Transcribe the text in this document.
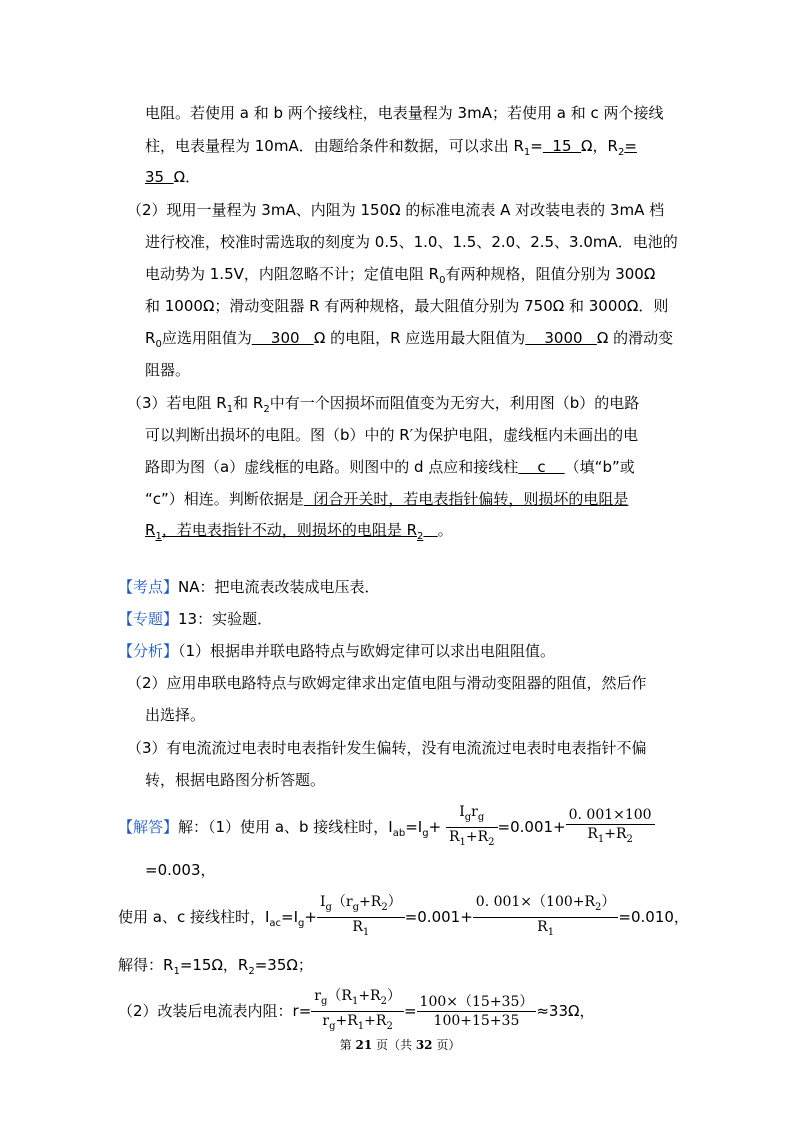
电阻。若使用 a 和 b 两个接线柱，电表量程为 3mA；若使用 a 和 c 两个接线
柱，电表量程为 10mA．由题给条件和数据，可以求出 $R_1= 15$  Ω，$R_2=$
35  Ω．
（2）现用一量程为 3mA、内阻为 150Ω 的标准电流表 A 对改装电表的 3mA 档
进行校准，校准时需选取的刻度为 0.5、1.0、1.5、2.0、2.5、3.0mA．电池的
电动势为 1.5V，内阻忽略不计；定值电阻 $R_0$有两种规格，阻值分别为 300Ω
和 1000Ω；滑动变阻器 R 有两种规格，最大阻值分别为 750Ω 和 3000Ω．则
$R_0$应选用阻值为    300   Ω 的电阻，R 应选用最大阻值为    3000   Ω 的滑动变
阻器。
（3）若电阻 $R_1$和 $R_2$中有一个因损坏而阻值变为无穷大，利用图（b）的电路
可以判断出损坏的电阻。图（b）中的 R′为保护电阻，虚线框内未画出的电
路即为图（a）虚线框的电路。则图中的 d 点应和接线柱    c    （填“b”或
“c”）相连。判断依据是  闭合开关时，若电表指针偏转，则损坏的电阻是
$R_1$，若电表指针不动，则损坏的电阻是 $R_2$ 。
【考点】NA：把电流表改装成电压表．
【专题】13：实验题．
【分析】（1）根据串并联电路特点与欧姆定律可以求出电阻阻值。
（2）应用串联电路特点与欧姆定律求出定值电阻与滑动变阻器的阻值，然后作
出选择。
（3）有电流流过电表时电表指针发生偏转，没有电流流过电表时电表指针不偏
转，根据电路图分析答题。
【解答】解：（1）使用 a、b 接线柱时，$I_{ab}=I_g+ \frac{I_gr_g}{R_1+R_2} =0.001+ \frac{0. 001\times 100}{R_1+R_2}$
=0.003，
使用 a、c 接线柱时，$I_{ac}=I_g+ \frac{I_g(r_g+R_2)}{R_1} =0.001+ \frac{0. 001\times(100+R_2)}{R_1} =0.010$，
解得：$R_1=15\Omega$，$R_2=35\Omega$；
（2）改装后电流表内阻：$r= \frac{r_g(R_1+R_2)}{r_g+R_1+R_2} = \frac{100\times(15+35)}{100+15+35} \approx 33\Omega$，
第 21 页（共 32 页）
